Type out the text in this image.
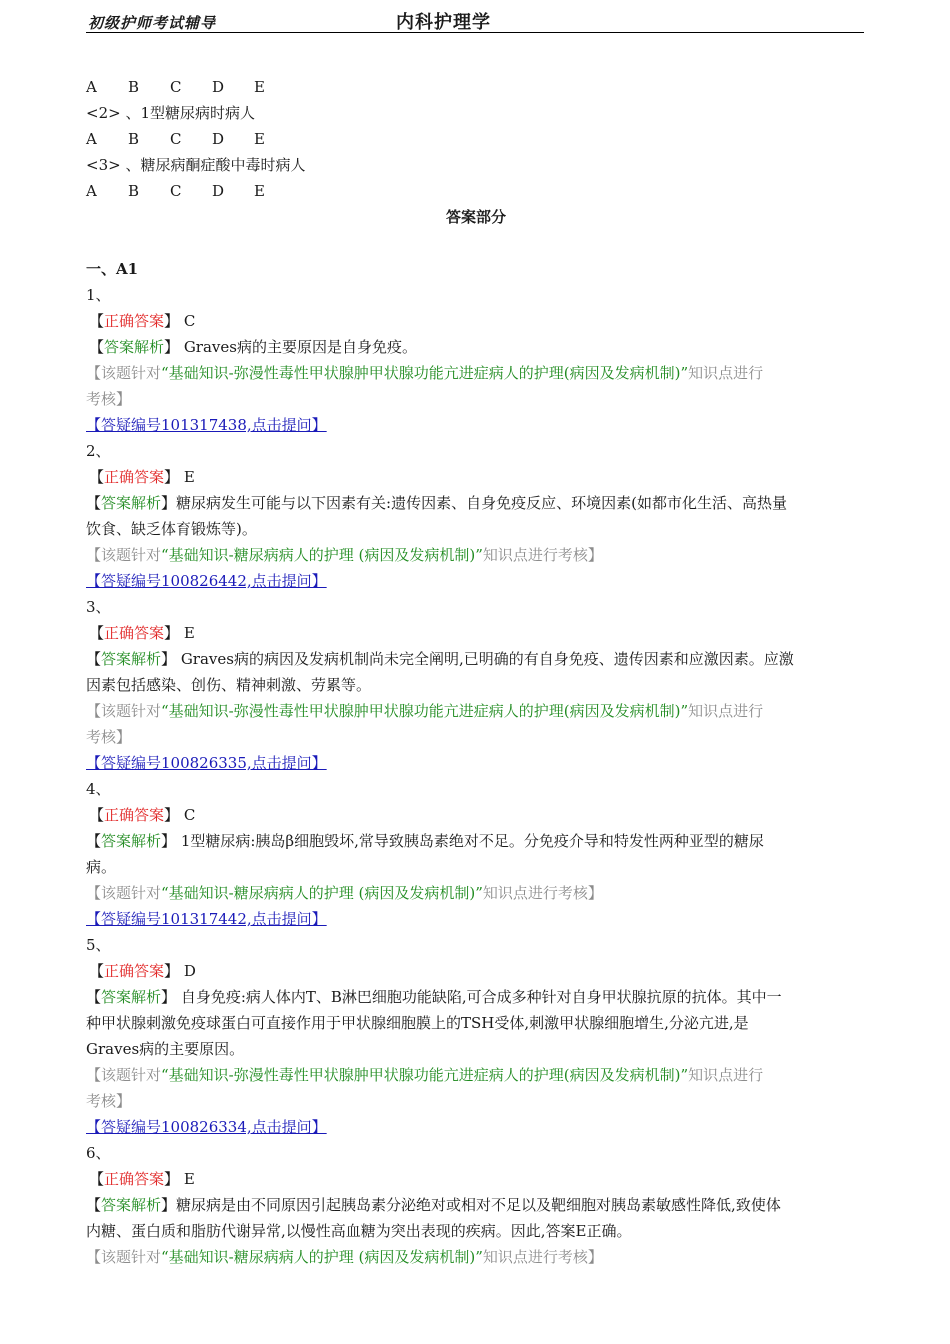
初级护师考试辅导	内科护理学
A B C D E
<2> 、1型糖尿病时病人
A B C D E
<3> 、糖尿病酮症酸中毒时病人
A B C D E
答案部分
一、A1
1、
【正确答案】 C
【答案解析】 Graves病的主要原因是自身免疫。
【该题针对“基础知识-弥漫性毒性甲状腺肿甲状腺功能亢进症病人的护理(病因及发病机制)”知识点进行
考核】
【答疑编号101317438,点击提问】
2、
【正确答案】 E
【答案解析】糖尿病发生可能与以下因素有关:遗传因素、自身免疫反应、环境因素(如都市化生活、高热量
饮食、缺乏体育锻炼等)。
【该题针对“基础知识-糖尿病病人的护理 (病因及发病机制)”知识点进行考核】
【答疑编号100826442,点击提问】
3、
【正确答案】 E
【答案解析】 Graves病的病因及发病机制尚未完全阐明,已明确的有自身免疫、遗传因素和应激因素。应激
因素包括感染、创伤、精神刺激、劳累等。
【该题针对“基础知识-弥漫性毒性甲状腺肿甲状腺功能亢进症病人的护理(病因及发病机制)”知识点进行
考核】
【答疑编号100826335,点击提问】
4、
【正确答案】 C
【答案解析】 1型糖尿病:胰岛β细胞毁坏,常导致胰岛素绝对不足。分免疫介导和特发性两种亚型的糖尿
病。
【该题针对“基础知识-糖尿病病人的护理 (病因及发病机制)”知识点进行考核】
【答疑编号101317442,点击提问】
5、
【正确答案】 D
【答案解析】 自身免疫:病人体内T、B淋巴细胞功能缺陷,可合成多种针对自身甲状腺抗原的抗体。其中一
种甲状腺刺激免疫球蛋白可直接作用于甲状腺细胞膜上的TSH受体,刺激甲状腺细胞增生,分泌亢进,是
Graves病的主要原因。
【该题针对“基础知识-弥漫性毒性甲状腺肿甲状腺功能亢进症病人的护理(病因及发病机制)”知识点进行
考核】
【答疑编号100826334,点击提问】
6、
【正确答案】 E
【答案解析】糖尿病是由不同原因引起胰岛素分泌绝对或相对不足以及靶细胞对胰岛素敏感性降低,致使体
内糖、蛋白质和脂肪代谢异常,以慢性高血糖为突出表现的疾病。因此,答案E正确。
【该题针对“基础知识-糖尿病病人的护理 (病因及发病机制)”知识点进行考核】
